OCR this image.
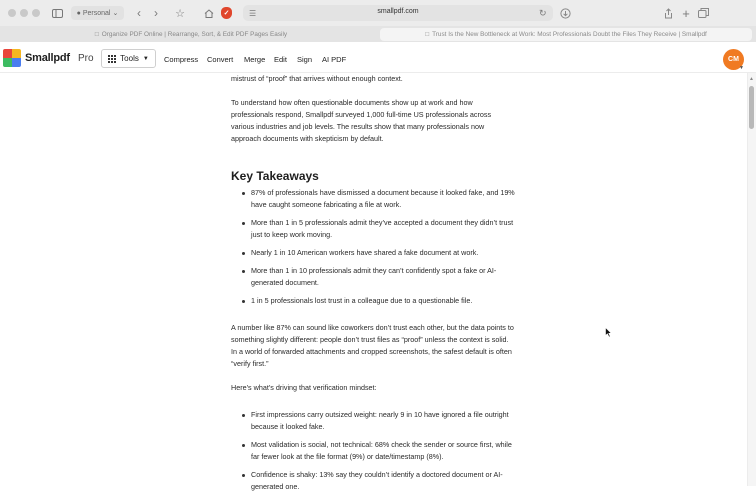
● Personal ⌄ ‹ › ☆	✓	☰	smallpdf.com	↻	+
□ Organize PDF Online | Rearrange, Sort, & Edit PDF Pages Easily	□ Trust Is the New Bottleneck at Work: Most Professionals Doubt the Files They Receive | Smallpdf
Smallpdf Pro	Tools ▼ Compress Convert Merge Edit Sign AI PDF	CM
▼
mistrust of “proof” that arrives without enough context.
To understand how often questionable documents show up at work and how professionals respond, Smallpdf surveyed 1,000 full-time US professionals across various industries and job levels. The results show that many professionals now approach documents with skepticism by default.
Key Takeaways
87% of professionals have dismissed a document because it looked fake, and 19% have caught someone fabricating a file at work.
More than 1 in 5 professionals admit they’ve accepted a document they didn’t trust just to keep work moving.
Nearly 1 in 10 American workers have shared a fake document at work.
More than 1 in 10 professionals admit they can’t confidently spot a fake or AI-generated document.
1 in 5 professionals lost trust in a colleague due to a questionable file.
A number like 87% can sound like coworkers don’t trust each other, but the data points to something slightly different: people don’t trust files as “proof” unless the context is solid. In a world of forwarded attachments and cropped screenshots, the safest default is often “verify first.”
Here’s what’s driving that verification mindset:
First impressions carry outsized weight: nearly 9 in 10 have ignored a file outright because it looked fake.
Most validation is social, not technical: 68% check the sender or source first, while far fewer look at the file format (9%) or date/timestamp (8%).
Confidence is shaky: 13% say they couldn’t identify a doctored document or AI-generated one.
▲
